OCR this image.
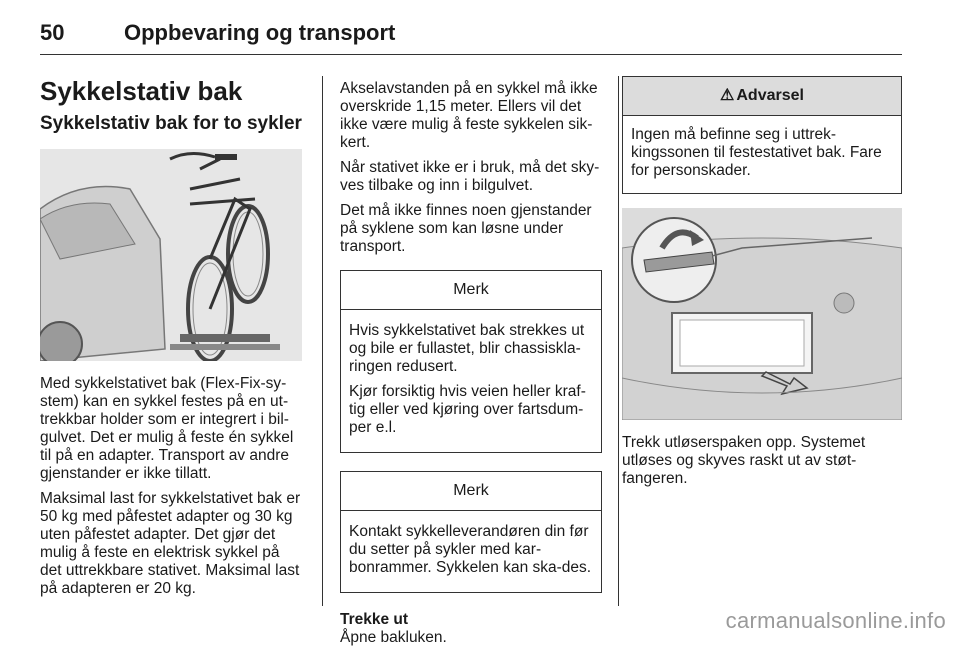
50	Oppbevaring og transport
Sykkelstativ bak
Sykkelstativ bak for to sykler

Med sykkelstativet bak (Flex-Fix-sy-stem) kan en sykkel festes på en ut-trekkbar holder som er integrert i bil-gulvet. Det er mulig å feste én sykkel til på en adapter. Transport av andre gjenstander er ikke tillatt.

Maksimal last for sykkelstativet bak er 50 kg med påfestet adapter og 30 kg uten påfestet adapter. Det gjør det mulig å feste en elektrisk sykkel på det uttrekkbare stativet. Maksimal last på adapteren er 20 kg.

Akselavstanden på en sykkel må ikke overskride 1,15 meter. Ellers vil det ikke være mulig å feste sykkelen sik-kert.

Når stativet ikke er i bruk, må det sky-ves tilbake og inn i bilgulvet.

Det må ikke finnes noen gjenstander på syklene som kan løsne under transport.

Merk

Hvis sykkelstativet bak strekkes ut og bile er fullastet, blir chassiskla-ringen redusert.

Kjør forsiktig hvis veien heller kraf-tig eller ved kjøring over fartsdum-per e.l.

Merk

Kontakt sykkelleverandøren din før du setter på sykler med kar-bonrammer. Sykkelen kan ska-des.

Trekke ut

Åpne bakluken.

⚠ Advarsel

Ingen må befinne seg i uttrek-kingssonen til festestativet bak. Fare for personskader.

Trekk utløserspaken opp. Systemet utløses og skyves raskt ut av støt-fangeren.

carmanualsonline.info
